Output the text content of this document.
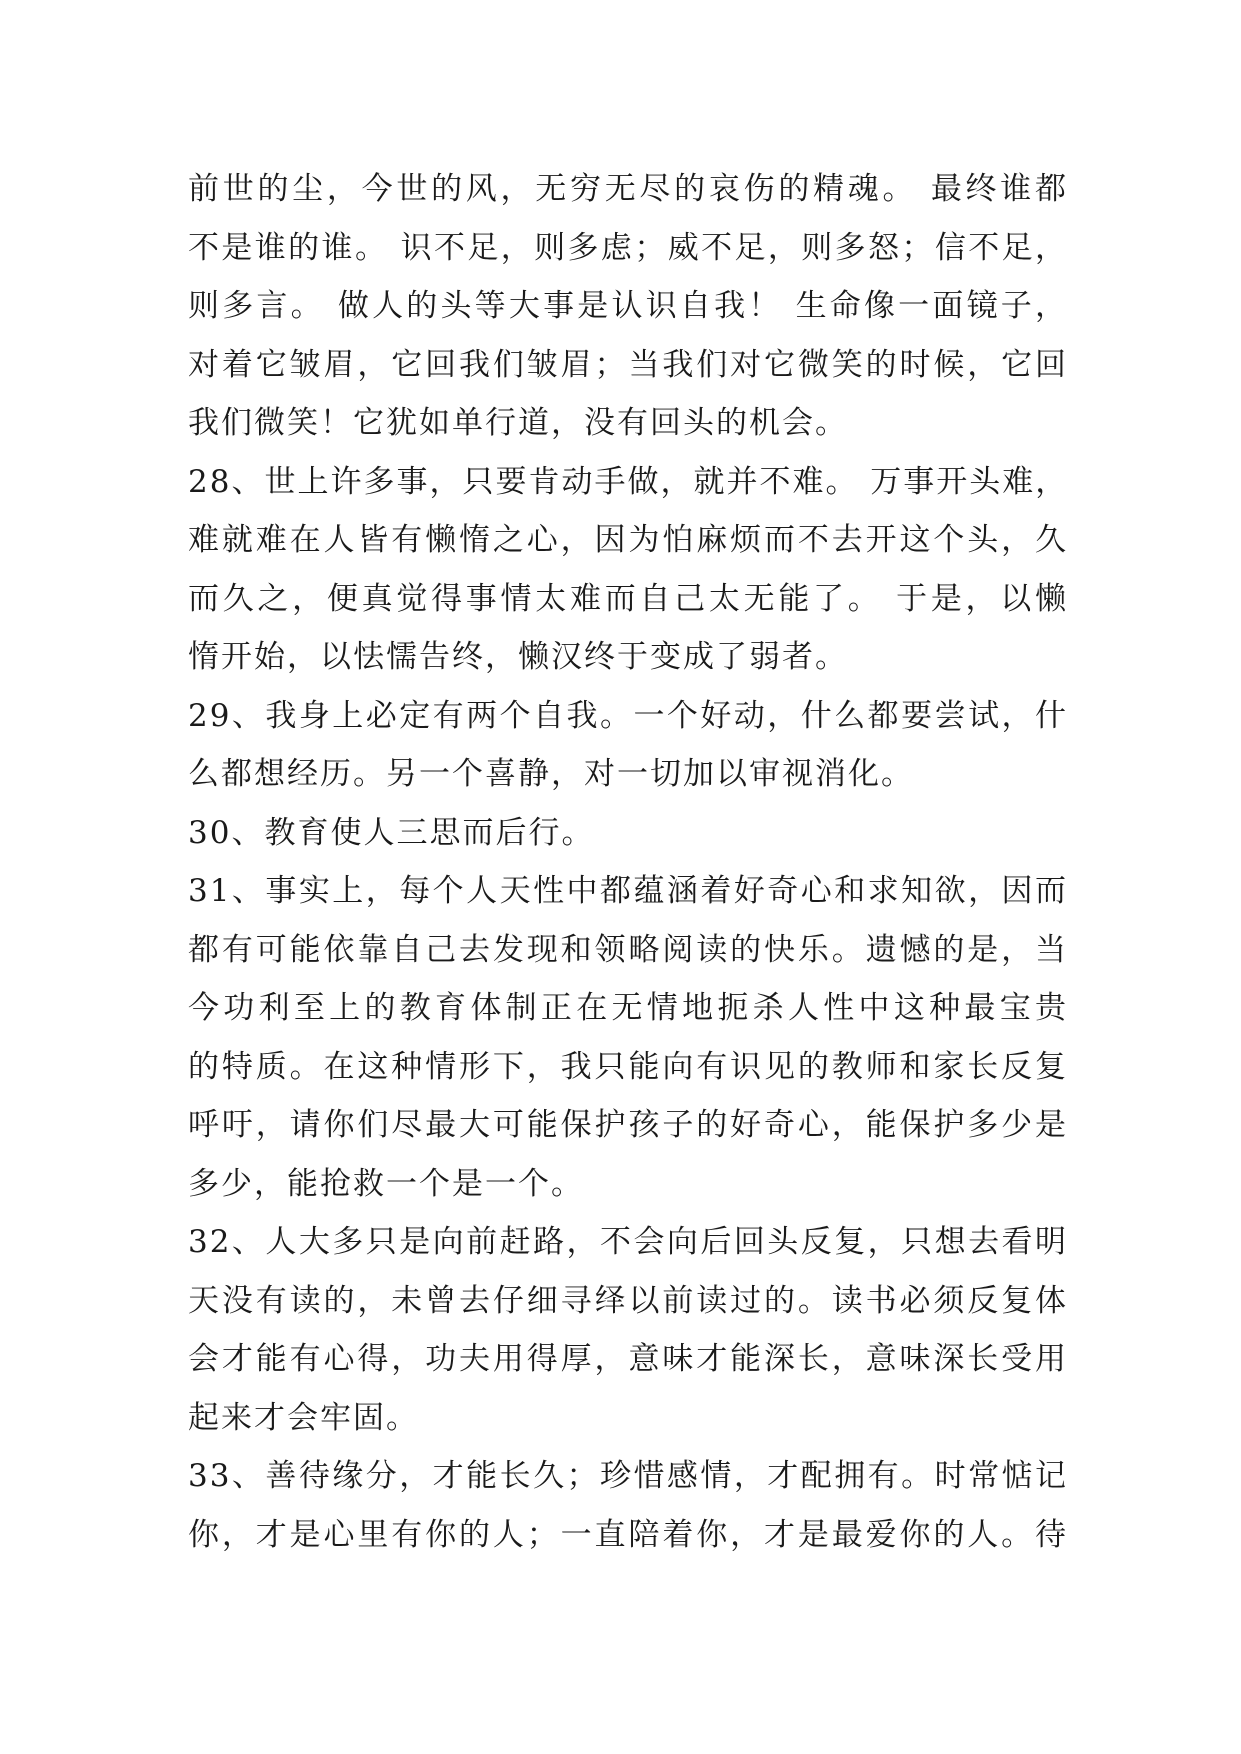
前世的尘，今世的风，无穷无尽的哀伤的精魂。 最终谁都
不是谁的谁。 识不足，则多虑；威不足，则多怒；信不足，
则多言。 做人的头等大事是认识自我！ 生命像一面镜子，
对着它皱眉，它回我们皱眉；当我们对它微笑的时候，它回
我们微笑！它犹如单行道，没有回头的机会。
28、世上许多事，只要肯动手做，就并不难。 万事开头难，
难就难在人皆有懒惰之心，因为怕麻烦而不去开这个头，久
而久之，便真觉得事情太难而自己太无能了。 于是，以懒
惰开始，以怯懦告终，懒汉终于变成了弱者。
29、我身上必定有两个自我。一个好动，什么都要尝试，什
么都想经历。另一个喜静，对一切加以审视消化。
30、教育使人三思而后行。
31、事实上，每个人天性中都蕴涵着好奇心和求知欲，因而
都有可能依靠自己去发现和领略阅读的快乐。遗憾的是，当
今功利至上的教育体制正在无情地扼杀人性中这种最宝贵
的特质。在这种情形下，我只能向有识见的教师和家长反复
呼吁，请你们尽最大可能保护孩子的好奇心，能保护多少是
多少，能抢救一个是一个。
32、人大多只是向前赶路，不会向后回头反复，只想去看明
天没有读的，未曾去仔细寻绎以前读过的。读书必须反复体
会才能有心得，功夫用得厚，意味才能深长，意味深长受用
起来才会牢固。
33、善待缘分，才能长久；珍惜感情，才配拥有。时常惦记
你，才是心里有你的人；一直陪着你，才是最爱你的人。待
